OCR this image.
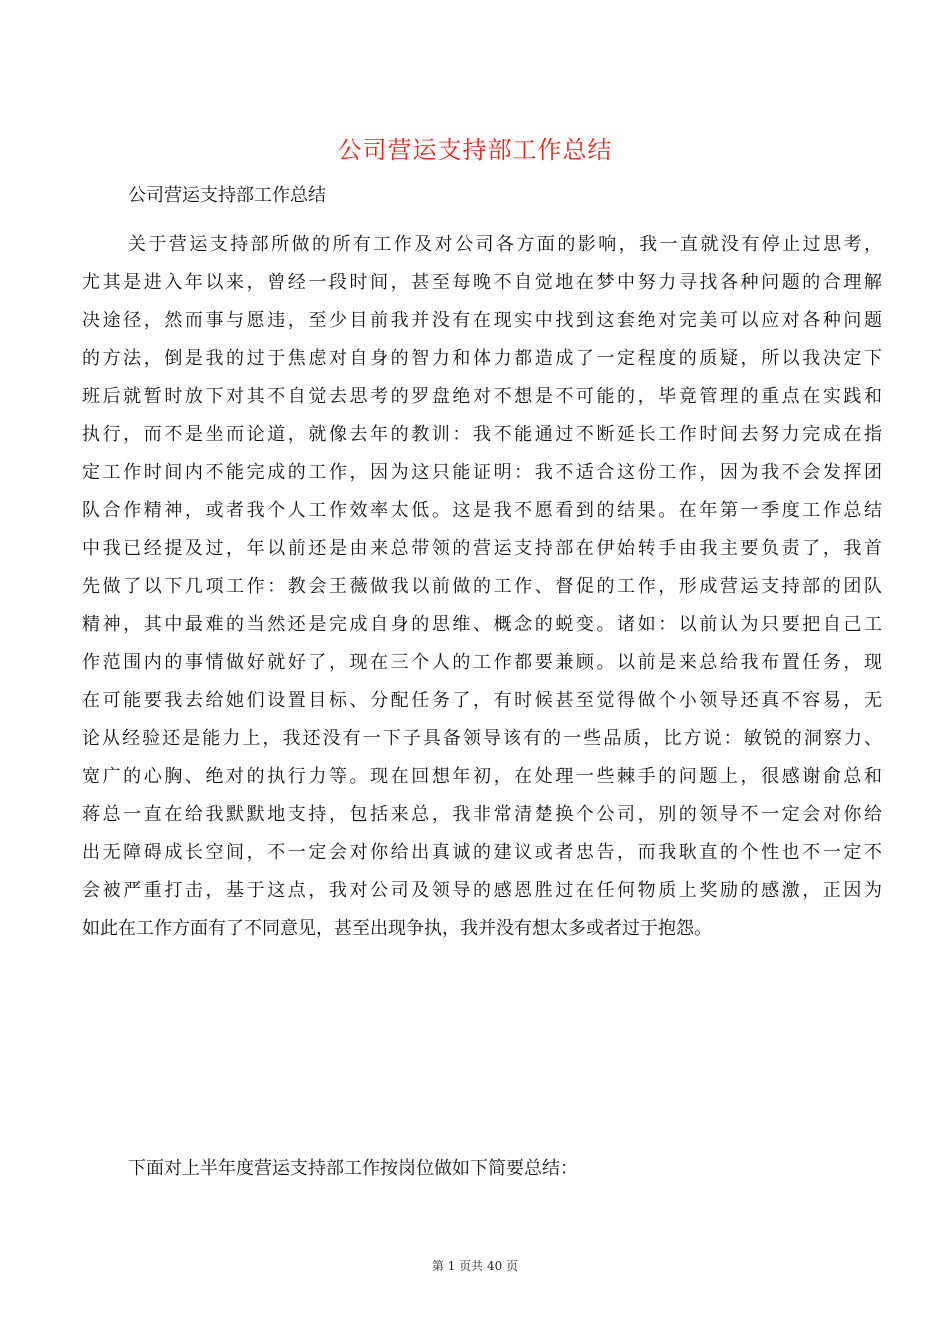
公司营运支持部工作总结
公司营运支持部工作总结
关于营运支持部所做的所有工作及对公司各方面的影响，我一直就没有停止过思考，
尤其是进入年以来，曾经一段时间，甚至每晚不自觉地在梦中努力寻找各种问题的合理解
决途径，然而事与愿违，至少目前我并没有在现实中找到这套绝对完美可以应对各种问题
的方法，倒是我的过于焦虑对自身的智力和体力都造成了一定程度的质疑，所以我决定下
班后就暂时放下对其不自觉去思考的罗盘绝对不想是不可能的，毕竟管理的重点在实践和
执行，而不是坐而论道，就像去年的教训：我不能通过不断延长工作时间去努力完成在指
定工作时间内不能完成的工作，因为这只能证明：我不适合这份工作，因为我不会发挥团
队合作精神，或者我个人工作效率太低。这是我不愿看到的结果。在年第一季度工作总结
中我已经提及过，年以前还是由来总带领的营运支持部在伊始转手由我主要负责了，我首
先做了以下几项工作：教会王薇做我以前做的工作、督促的工作，形成营运支持部的团队
精神，其中最难的当然还是完成自身的思维、概念的蜕变。诸如：以前认为只要把自己工
作范围内的事情做好就好了，现在三个人的工作都要兼顾。以前是来总给我布置任务，现
在可能要我去给她们设置目标、分配任务了，有时候甚至觉得做个小领导还真不容易，无
论从经验还是能力上，我还没有一下子具备领导该有的一些品质，比方说：敏锐的洞察力、
宽广的心胸、绝对的执行力等。现在回想年初，在处理一些棘手的问题上，很感谢俞总和
蒋总一直在给我默默地支持，包括来总，我非常清楚换个公司，别的领导不一定会对你给
出无障碍成长空间，不一定会对你给出真诚的建议或者忠告，而我耿直的个性也不一定不
会被严重打击，基于这点，我对公司及领导的感恩胜过在任何物质上奖励的感激，正因为
如此在工作方面有了不同意见，甚至出现争执，我并没有想太多或者过于抱怨。
下面对上半年度营运支持部工作按岗位做如下简要总结：
第 1 页共 40 页
